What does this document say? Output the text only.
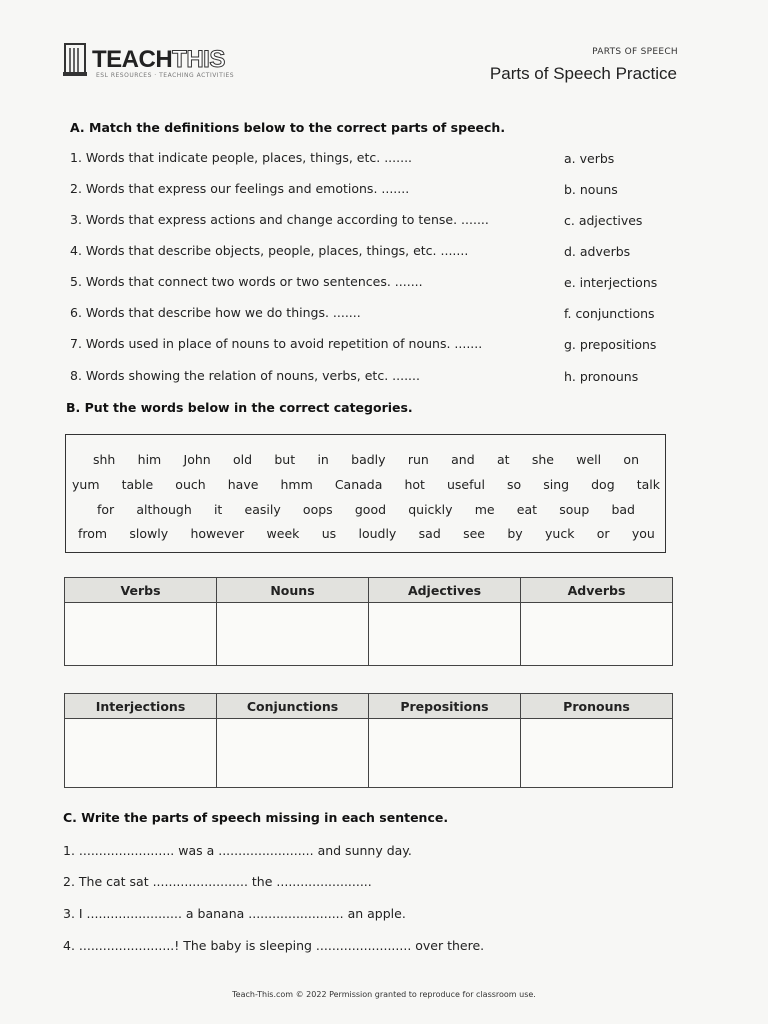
TEACHTHIS
ESL RESOURCES · TEACHING ACTIVITIES
PARTS OF SPEECH
Parts of Speech Practice
A. Match the definitions below to the correct parts of speech.
1. Words that indicate people, places, things, etc. .......
2. Words that express our feelings and emotions. .......
3. Words that express actions and change according to tense. .......
4. Words that describe objects, people, places, things, etc. .......
5. Words that connect two words or two sentences. .......
6. Words that describe how we do things. .......
7. Words used in place of nouns to avoid repetition of nouns. .......
8. Words showing the relation of nouns, verbs, etc. .......
a. verbs
b. nouns
c. adjectives
d. adverbs
e. interjections
f. conjunctions
g. prepositions
h. pronouns
B. Put the words below in the correct categories.
shh him John old but in badly run and at she well on
yum table ouch have hmm Canada hot useful so sing dog talk
for although it easily oops good quickly me eat soup bad
from slowly however week us loudly sad see by yuck or you
Verbs	Nouns	Adjectives	Adverbs

Interjections	Conjunctions	Prepositions	Pronouns

C. Write the parts of speech missing in each sentence.
1. ........................ was a ........................ and sunny day.
2. The cat sat ........................ the ........................
3. I ........................ a banana ........................ an apple.
4. ........................! The baby is sleeping ........................ over there.
Teach-This.com © 2022 Permission granted to reproduce for classroom use.
